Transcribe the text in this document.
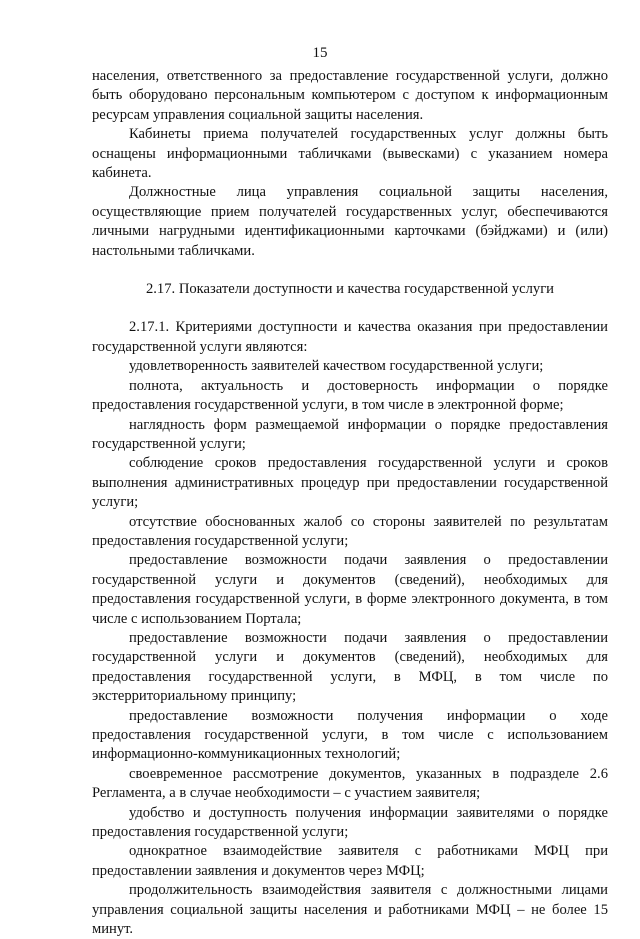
15

населения, ответственного за предоставление государственной услуги, должно быть оборудовано персональным компьютером с доступом к информационным ресурсам управления социальной защиты населения.

Кабинеты приема получателей государственных услуг должны быть оснащены информационными табличками (вывесками) с указанием номера кабинета.

Должностные лица управления социальной защиты населения, осуществляющие прием получателей государственных услуг, обеспечиваются личными нагрудными идентификационными карточками (бэйджами) и (или) настольными табличками.

2.17. Показатели доступности и качества государственной услуги

2.17.1. Критериями доступности и качества оказания при предоставлении государственной услуги являются:

удовлетворенность заявителей качеством государственной услуги;

полнота, актуальность и достоверность информации о порядке предоставления государственной услуги, в том числе в электронной форме;

наглядность форм размещаемой информации о порядке предоставления государственной услуги;

соблюдение сроков предоставления государственной услуги и сроков выполнения административных процедур при предоставлении государственной услуги;

отсутствие обоснованных жалоб со стороны заявителей по результатам предоставления государственной услуги;

предоставление возможности подачи заявления о предоставлении государственной услуги и документов (сведений), необходимых для предоставления государственной услуги, в форме электронного документа, в том числе с использованием Портала;

предоставление возможности подачи заявления о предоставлении государственной услуги и документов (сведений), необходимых для предоставления государственной услуги, в МФЦ, в том числе по экстерриториальному принципу;

предоставление возможности получения информации о ходе предоставления государственной услуги, в том числе с использованием информационно-коммуникационных технологий;

своевременное рассмотрение документов, указанных в подразделе 2.6 Регламента, а в случае необходимости – с участием заявителя;

удобство и доступность получения информации заявителями о порядке предоставления государственной услуги;

однократное взаимодействие заявителя с работниками МФЦ при предоставлении заявления и документов через МФЦ;

продолжительность взаимодействия заявителя с должностными лицами управления социальной защиты населения и работниками МФЦ – не более 15 минут.
